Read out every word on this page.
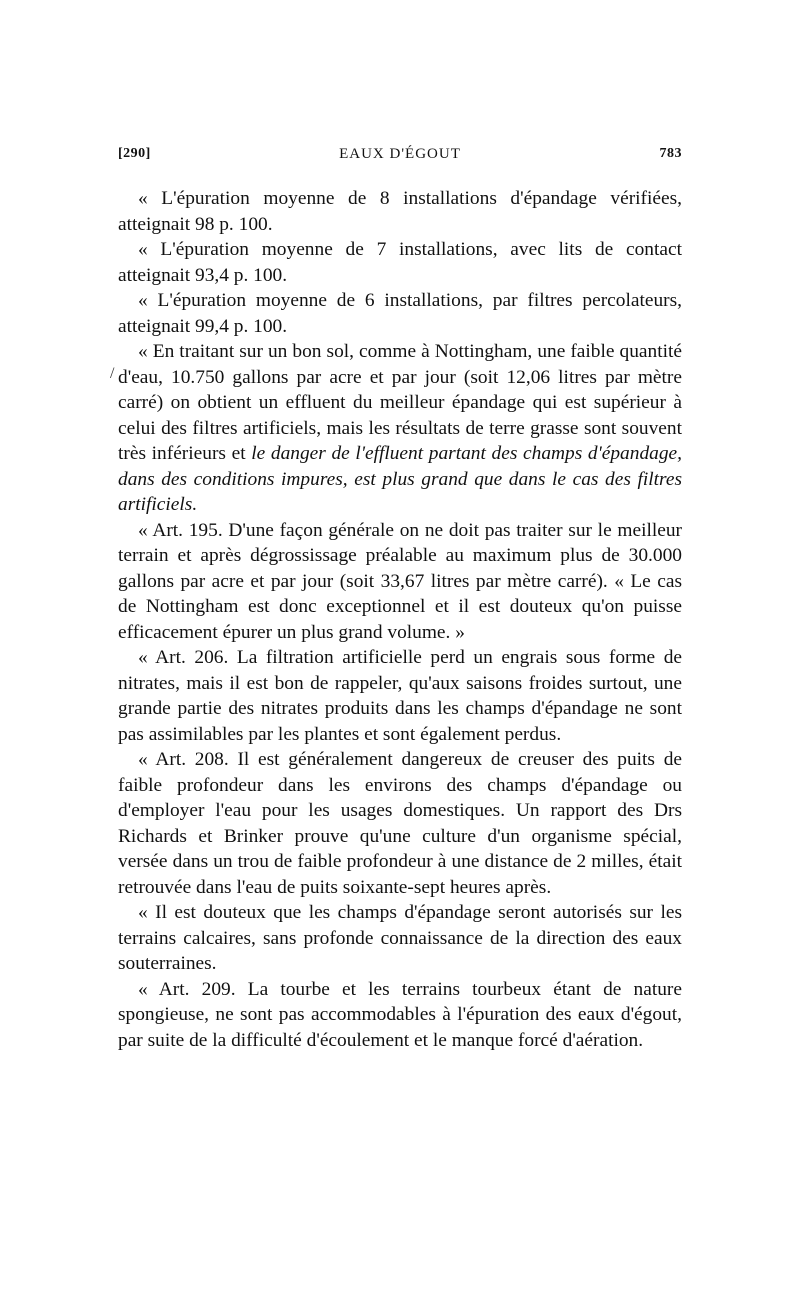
[290]	EAUX D'ÉGOUT	783
/

« L'épuration moyenne de 8 installations d'épandage vérifiées, atteignait 98 p. 100.

« L'épuration moyenne de 7 installations, avec lits de contact atteignait 93,4 p. 100.

« L'épuration moyenne de 6 installations, par filtres percolateurs, atteignait 99,4 p. 100.

« En traitant sur un bon sol, comme à Nottingham, une faible quantité d'eau, 10.750 gallons par acre et par jour (soit 12,06 litres par mètre carré) on obtient un effluent du meilleur épandage qui est supérieur à celui des filtres artificiels, mais les résultats de terre grasse sont souvent très inférieurs et le danger de l'effluent partant des champs d'épandage, dans des conditions impures, est plus grand que dans le cas des filtres artificiels.

« Art. 195. D'une façon générale on ne doit pas traiter sur le meilleur terrain et après dégrossissage préalable au maximum plus de 30.000 gallons par acre et par jour (soit 33,67 litres par mètre carré). « Le cas de Nottingham est donc exceptionnel et il est douteux qu'on puisse efficacement épurer un plus grand volume. »

« Art. 206. La filtration artificielle perd un engrais sous forme de nitrates, mais il est bon de rappeler, qu'aux saisons froides surtout, une grande partie des nitrates produits dans les champs d'épandage ne sont pas assimilables par les plantes et sont également perdus.

« Art. 208. Il est généralement dangereux de creuser des puits de faible profondeur dans les environs des champs d'épandage ou d'employer l'eau pour les usages domestiques. Un rapport des Drs Richards et Brinker prouve qu'une culture d'un organisme spécial, versée dans un trou de faible profondeur à une distance de 2 milles, était retrouvée dans l'eau de puits soixante-sept heures après.

« Il est douteux que les champs d'épandage seront autorisés sur les terrains calcaires, sans profonde connaissance de la direction des eaux souterraines.

« Art. 209. La tourbe et les terrains tourbeux étant de nature spongieuse, ne sont pas accommodables à l'épuration des eaux d'égout, par suite de la difficulté d'écoulement et le manque forcé d'aération.
